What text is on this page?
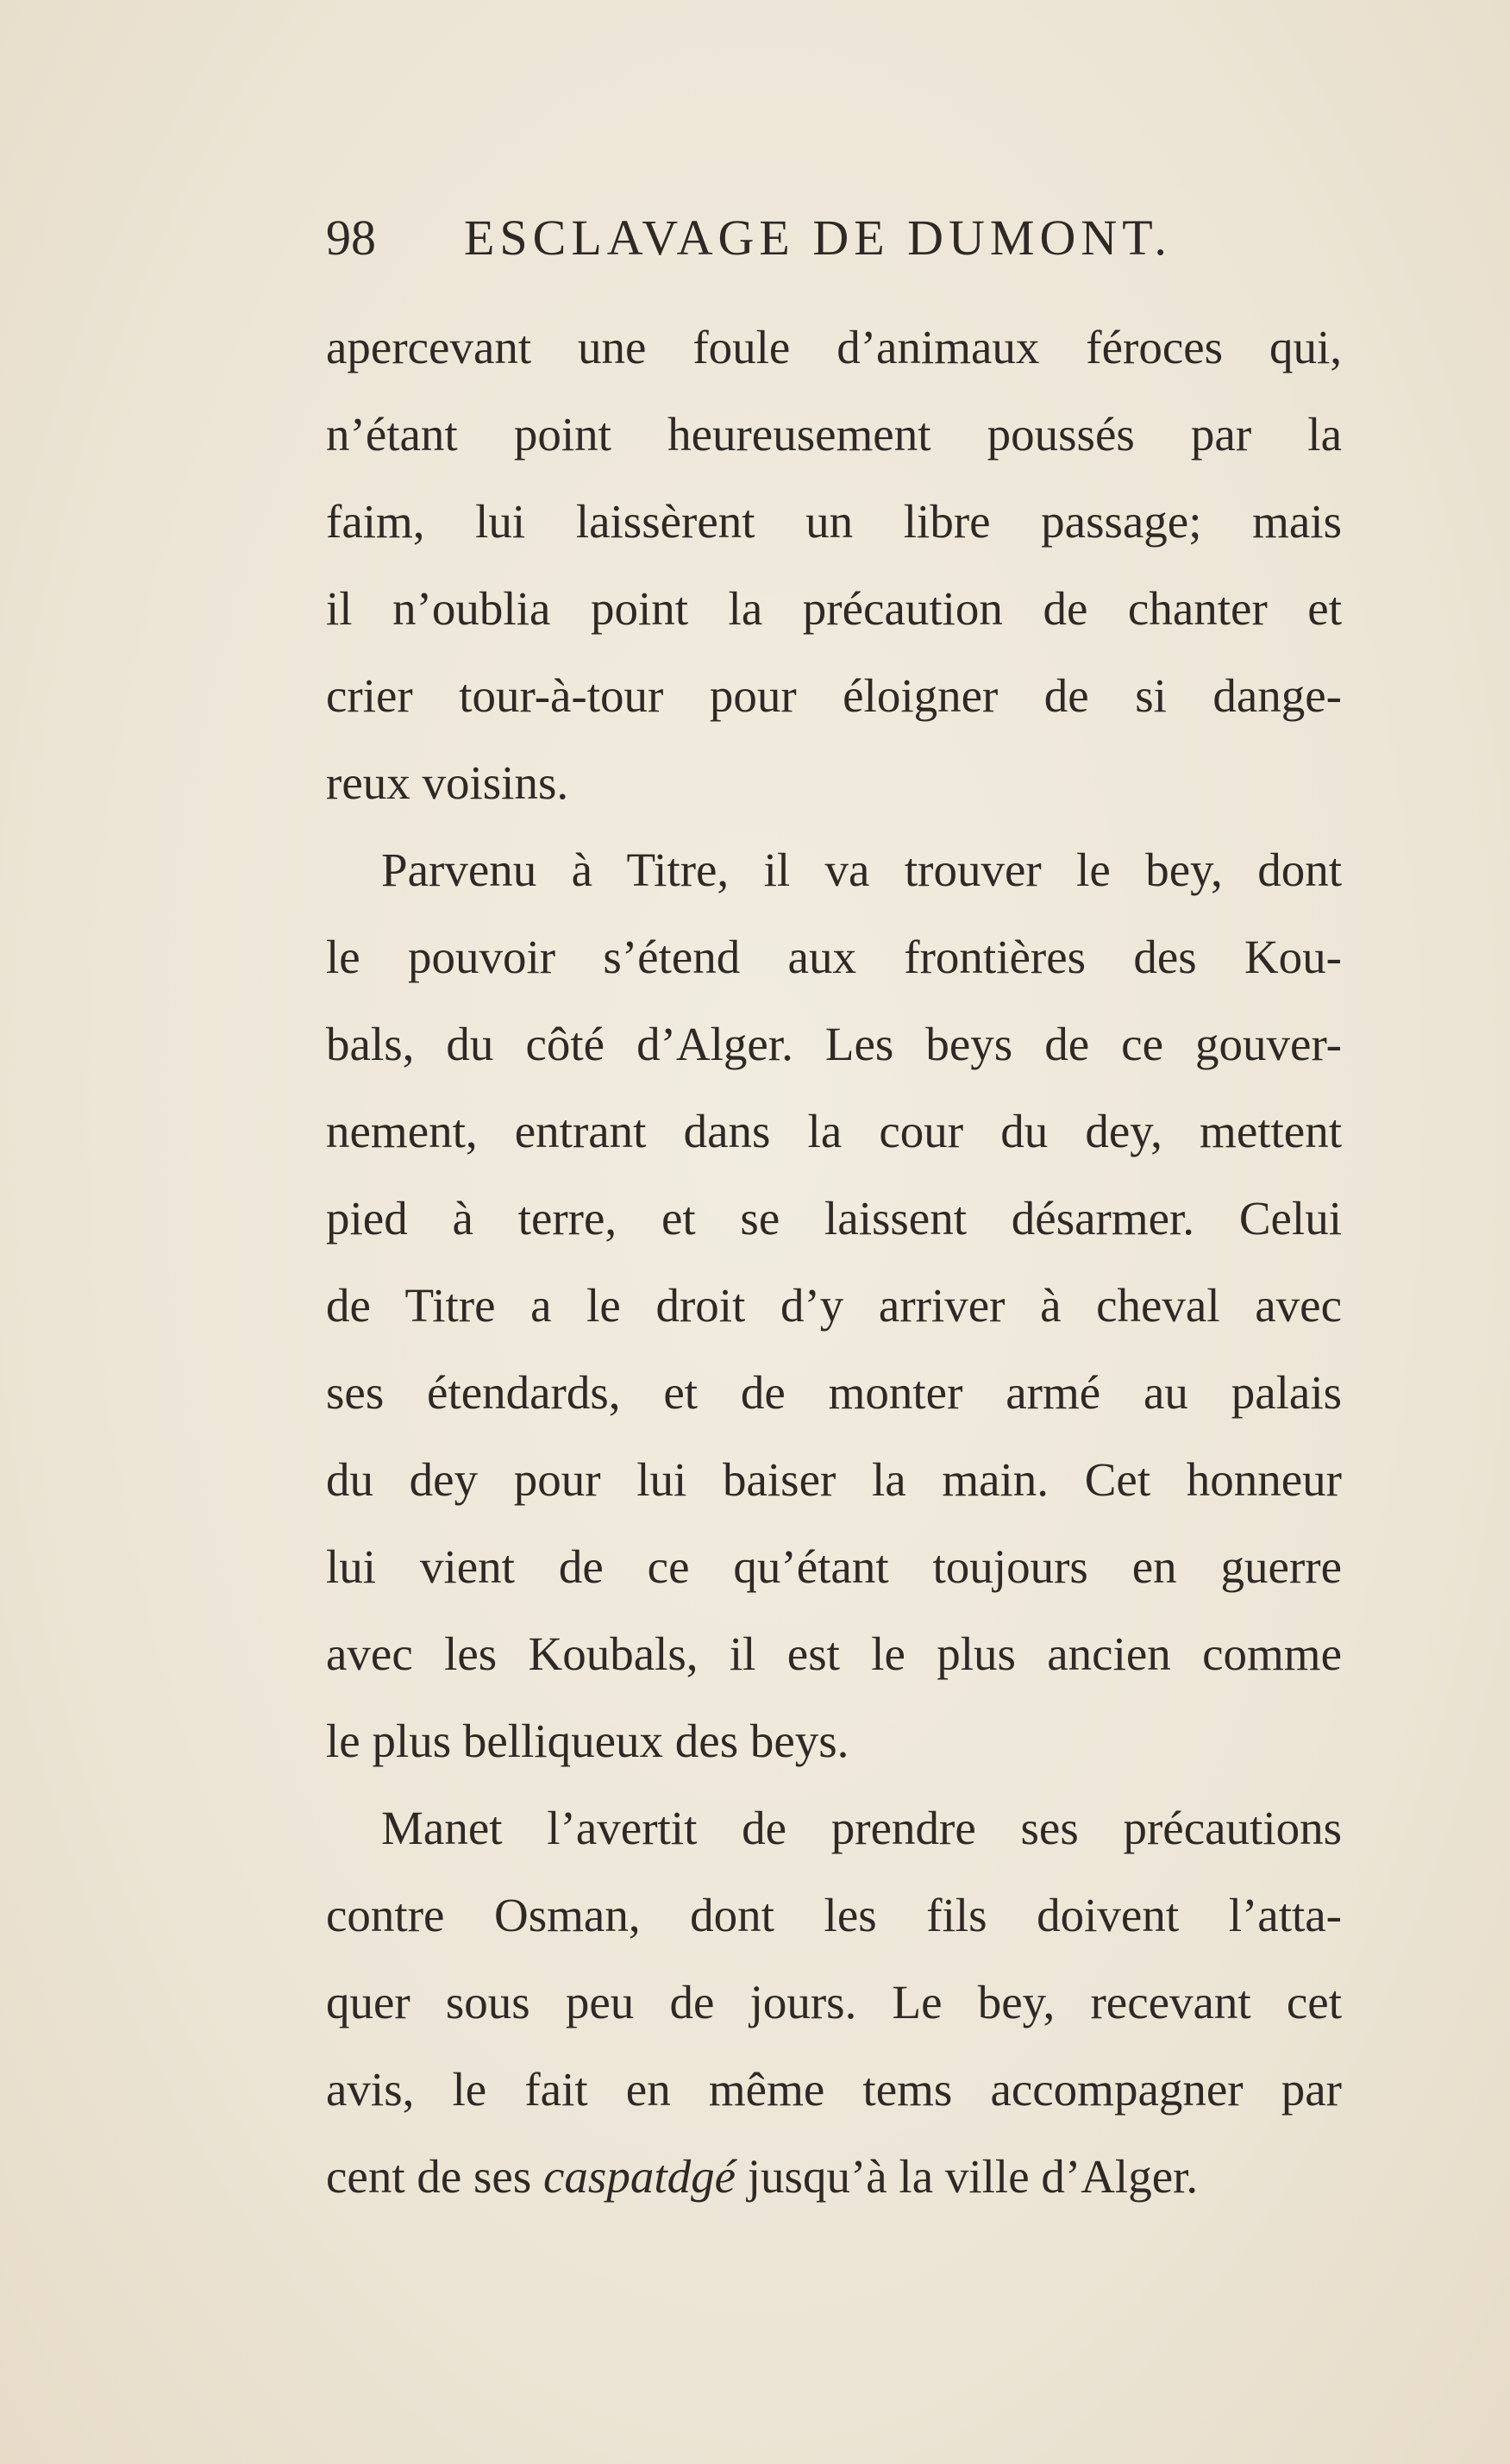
98 ESCLAVAGE DE DUMONT.
apercevant une foule d’animaux féroces qui,
n’étant point heureusement poussés par la
faim, lui laissèrent un libre passage; mais
il n’oublia point la précaution de chanter et
crier tour-à-tour pour éloigner de si dange-
reux voisins.
Parvenu à Titre, il va trouver le bey, dont
le pouvoir s’étend aux frontières des Kou-
bals, du côté d’Alger. Les beys de ce gouver-
nement, entrant dans la cour du dey, mettent
pied à terre, et se laissent désarmer. Celui
de Titre a le droit d’y arriver à cheval avec
ses étendards, et de monter armé au palais
du dey pour lui baiser la main. Cet honneur
lui vient de ce qu’étant toujours en guerre
avec les Koubals, il est le plus ancien comme
le plus belliqueux des beys.
Manet l’avertit de prendre ses précautions
contre Osman, dont les fils doivent l’atta-
quer sous peu de jours. Le bey, recevant cet
avis, le fait en même tems accompagner par
cent de ses caspatdgé jusqu’à la ville d’Alger.
